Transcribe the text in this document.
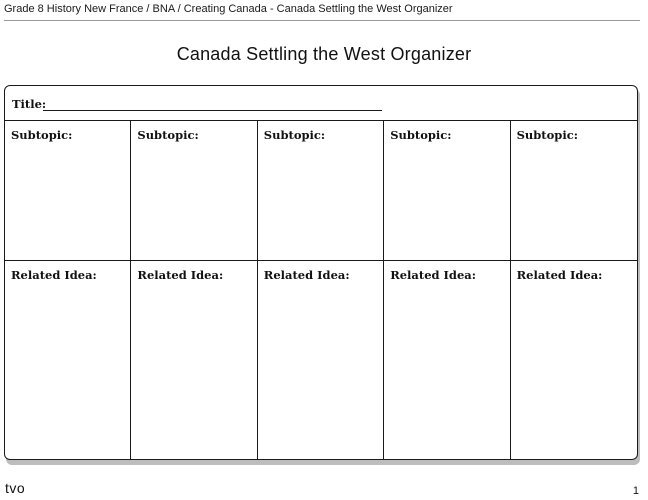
Grade 8 History New France / BNA / Creating Canada - Canada Settling the West Organizer
Canada Settling the West Organizer
Title:
Subtopic:	Subtopic:	Subtopic:	Subtopic:	Subtopic:
Related Idea:	Related Idea:	Related Idea:	Related Idea:	Related Idea:
tvo	1
